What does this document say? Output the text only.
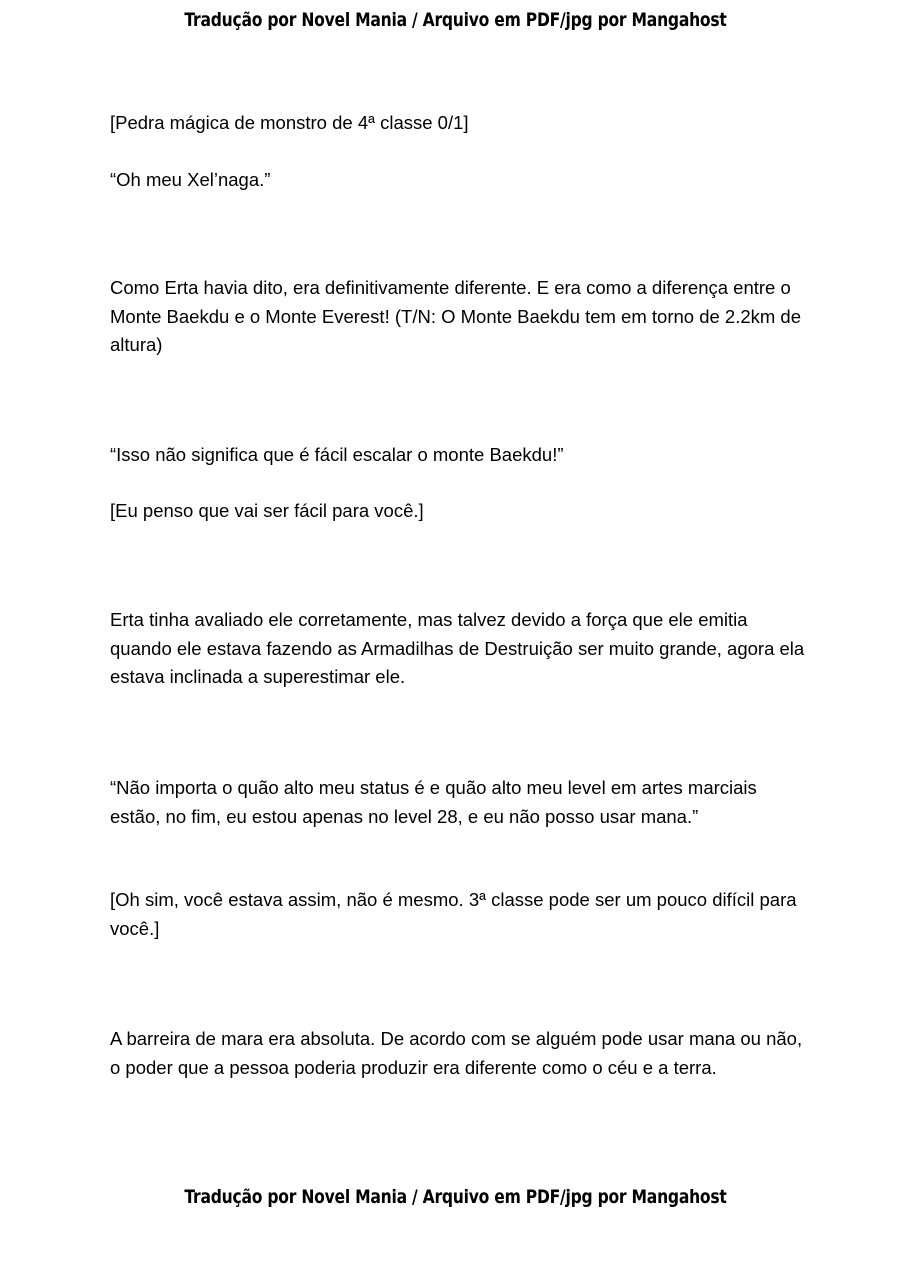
Tradução por Novel Mania / Arquivo em PDF/jpg por Mangahost

[Pedra mágica de monstro de 4ª classe 0/1]

“Oh meu Xel’naga.”

Como Erta havia dito, era definitivamente diferente. E era como a diferença entre o Monte Baekdu e o Monte Everest! (T/N: O Monte Baekdu tem em torno de 2.2km de altura)

“Isso não significa que é fácil escalar o monte Baekdu!”

[Eu penso que vai ser fácil para você.]

Erta tinha avaliado ele corretamente, mas talvez devido a força que ele emitia quando ele estava fazendo as Armadilhas de Destruição ser muito grande, agora ela estava inclinada a superestimar ele.

“Não importa o quão alto meu status é e quão alto meu level em artes marciais estão, no fim, eu estou apenas no level 28, e eu não posso usar mana.”

[Oh sim, você estava assim, não é mesmo. 3ª classe pode ser um pouco difícil para você.]

A barreira de mara era absoluta. De acordo com se alguém pode usar mana ou não, o poder que a pessoa poderia produzir era diferente como o céu e a terra.

Tradução por Novel Mania / Arquivo em PDF/jpg por Mangahost
